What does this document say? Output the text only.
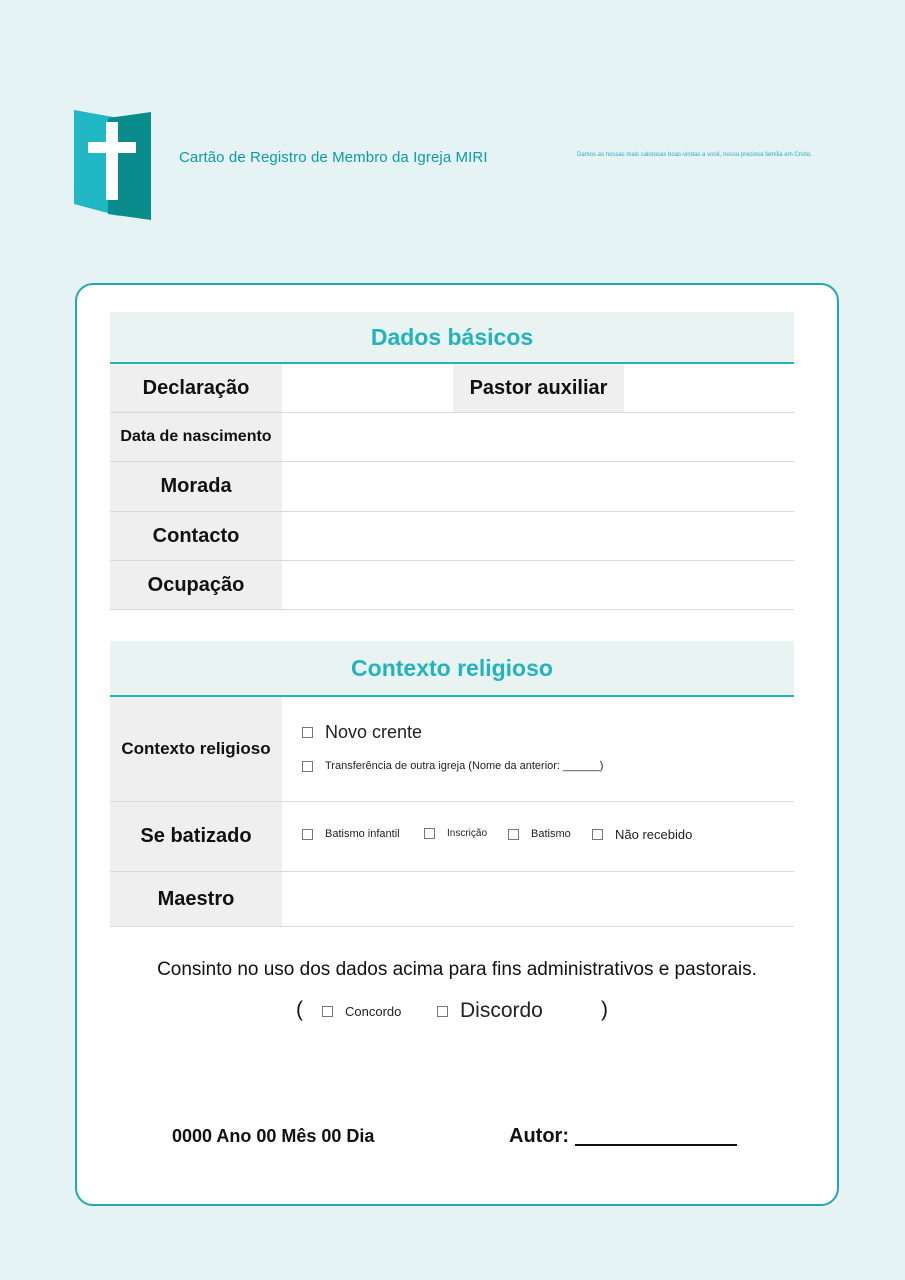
Cartão de Registro de Membro da Igreja MIRI	Damos as nossas mais calorosas boas-vindas a você, nossa preciosa família em Cristo.
Dados básicos
Declaração	Pastor auxiliar
Data de nascimento
Morada
Contacto
Ocupação
Contexto religioso
Contexto religioso
Novo crente
Transferência de outra igreja (Nome da anterior: ______)
Se batizado	Batismo infantil	Inscrição	Batismo	Não recebido
Maestro
Consinto no uso dos dados acima para fins administrativos e pastorais.
(	Concordo	Discordo	)
0000 Ano 00 Mês 00 Dia	Autor:
